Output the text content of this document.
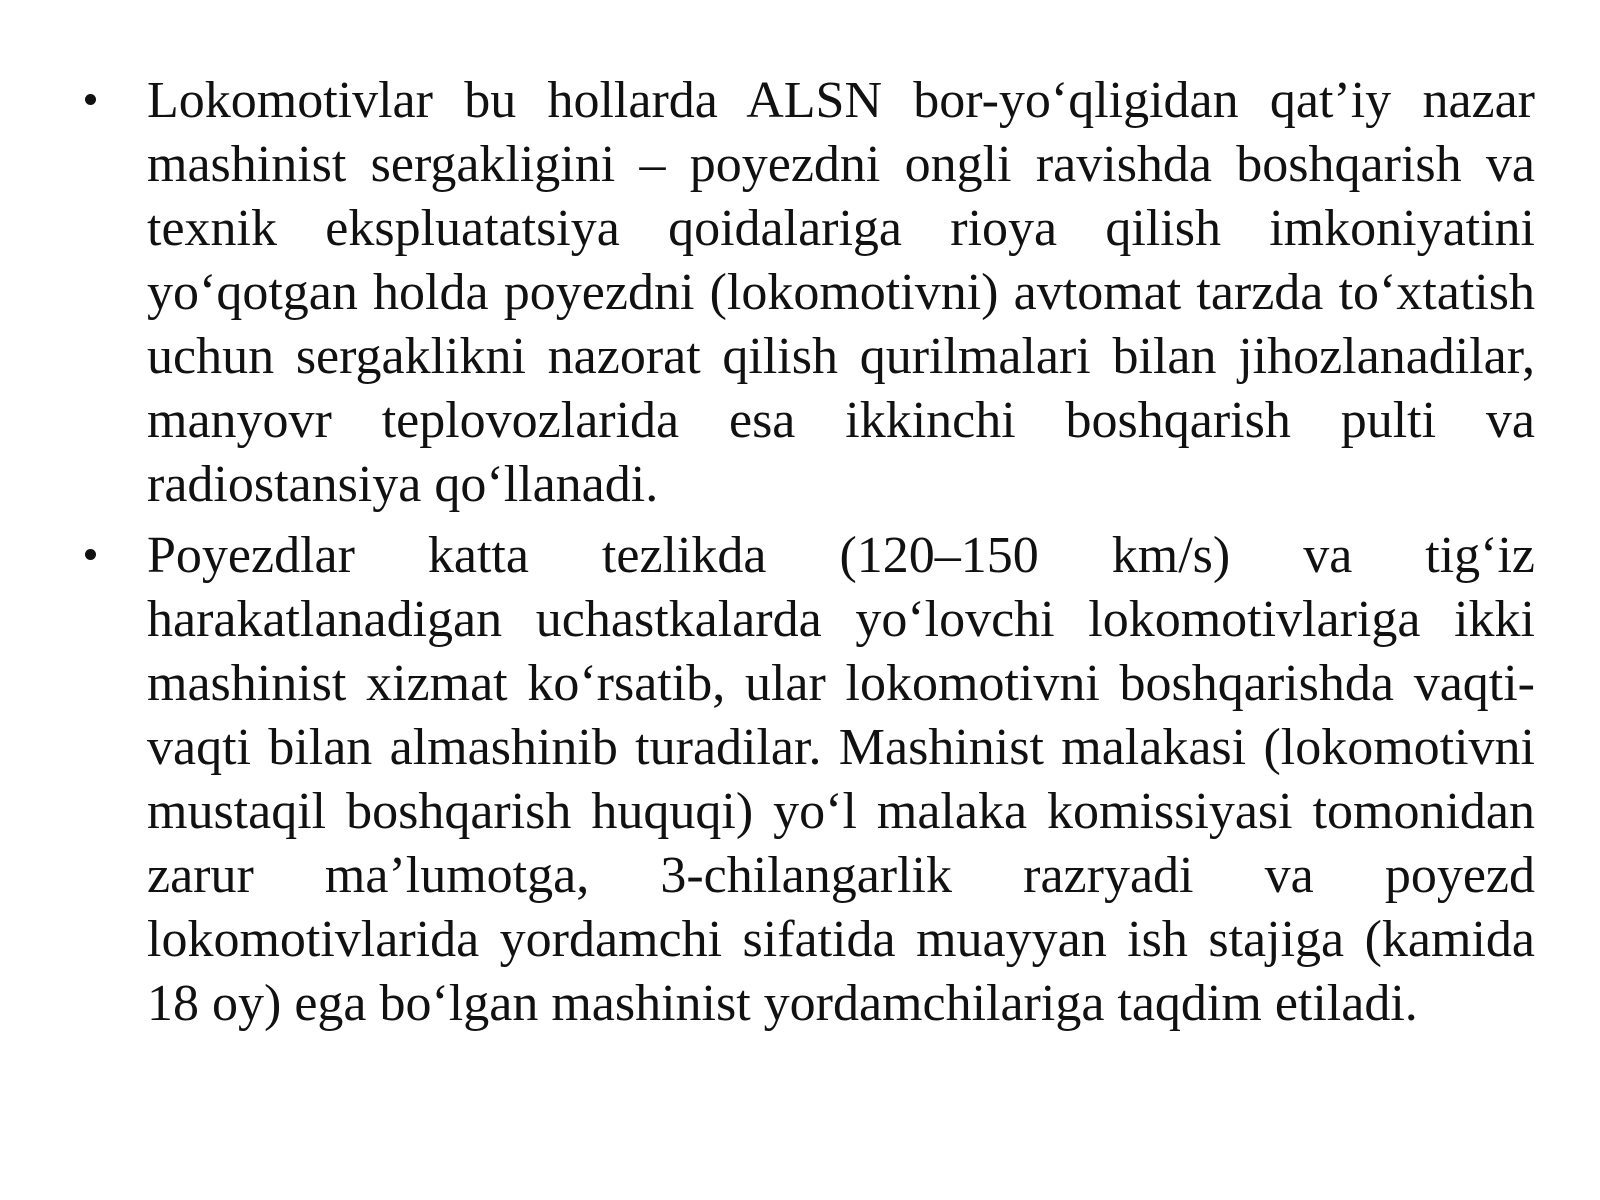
Lokomotivlar bu hollarda ALSN bor-yo‘qligidan qat’iy nazar mashinist sergakligini – poyezdni ongli ravishda boshqarish va texnik ekspluatatsiya qoidalariga rioya qilish imkoniyatini yo‘qotgan holda poyezdni (lokomotivni) avtomat tarzda to‘xtatish uchun sergaklikni nazorat qilish qurilmalari bilan jihozlanadilar, manyovr teplovozlarida esa ikkinchi boshqarish pulti va radiostansiya qo‘llanadi.
Poyezdlar katta tezlikda (120–150 km/s) va tig‘iz harakatlanadigan uchastkalarda yo‘lovchi lokomotivlariga ikki mashinist xizmat ko‘rsatib, ular lokomotivni boshqarishda vaqti-vaqti bilan almashinib turadilar. Mashinist malakasi (lokomotivni mustaqil boshqarish huquqi) yo‘l malaka komissiyasi tomonidan zarur ma’lumotga, 3-chilangarlik razryadi va poyezd lokomotivlarida yordamchi sifatida muayyan ish stajiga (kamida 18 oy) ega bo‘lgan mashinist yordamchilariga taqdim etiladi.
